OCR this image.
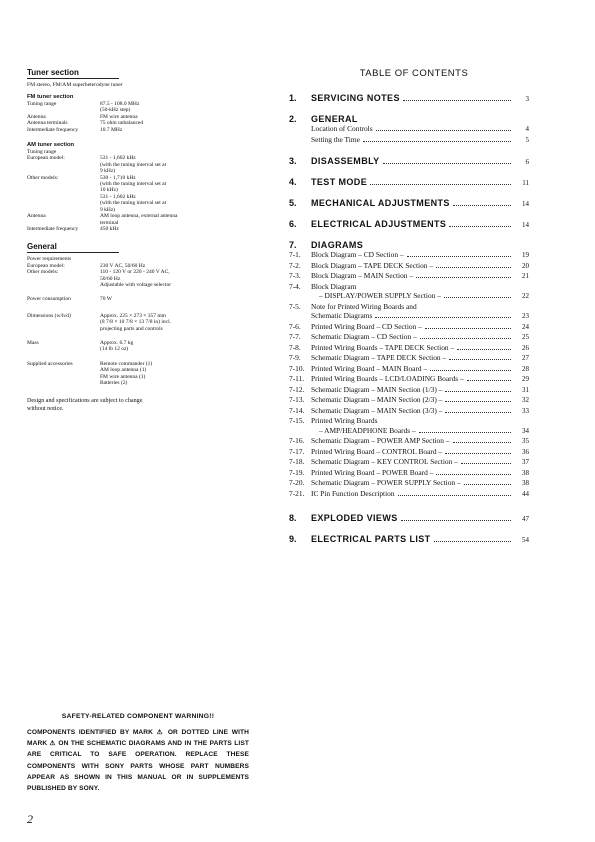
Tuner section
FM stereo, FM/AM superheterodyne tuner
FM tuner section
Tuning range	87.5 - 108.0 MHz
(50-kHz step)
Antenna	FM wire antenna
Antenna terminals	75 ohm unbalanced
Intermediate frequency	10.7 MHz
AM tuner section
Tuning range
European model:	531 - 1,602 kHz
(with the tuning interval set at
9 kHz)
Other models:	530 - 1,710 kHz
(with the tuning interval set at
10 kHz)
531 - 1,602 kHz
(with the tuning interval set at
9 kHz)
Antenna	AM loop antenna, external antenna
terminal
Intermediate frequency	450 kHz
General
Power requirements
European model:	230 V AC, 50/60 Hz
Other models:	110 - 120 V or 220 - 240 V AC,
50/60 Hz
Adjustable with voltage selector
Power consumption	70 W
Dimensions (w/h/d)	Approx. 225 × 273 × 357 mm
(8 7/8 × 10 7/8 × 13 7/8 in) incl.
projecting parts and controls
Mass	Approx. 6.7 kg
(14 lb 12 oz)
Supplied accessories	Remote commander (1)
AM loop antenna (1)
FM wire antenna (1)
Batteries (2)
Design and specifications are subject to change
without notice.
TABLE OF CONTENTS
1.	SERVICING NOTES	3
2.	GENERAL
Location of Controls	4
Setting the Time	5
3.	DISASSEMBLY	6
4.	TEST MODE	11
5.	MECHANICAL ADJUSTMENTS	14
6.	ELECTRICAL ADJUSTMENTS	14
7.	DIAGRAMS
7-1.	Block Diagram – CD Section –	19
7-2.	Block Diagram – TAPE DECK Section –	20
7-3.	Block Diagram – MAIN Section –	21
7-4.	Block Diagram
– DISPLAY/POWER SUPPLY Section –	22
7-5.	Note for Printed Wiring Boards and
Schematic Diagrams	23
7-6.	Printed Wiring Board – CD Section –	24
7-7.	Schematic Diagram – CD Section –	25
7-8.	Printed Wiring Boards – TAPE DECK Section –	26
7-9.	Schematic Diagram – TAPE DECK Section –	27
7-10. Printed Wiring Board – MAIN Board –	28
7-11. Printed Wiring Boards – LCD/LOADING Boards –	29
7-12. Schematic Diagram – MAIN Section (1/3) –	31
7-13. Schematic Diagram – MAIN Section (2/3) –	32
7-14. Schematic Diagram – MAIN Section (3/3) –	33
7-15. Printed Wiring Boards
– AMP/HEADPHONE Boards –	34
7-16. Schematic Diagram – POWER AMP Section –	35
7-17. Printed Wiring Board – CONTROL Board –	36
7-18. Schematic Diagram – KEY CONTROL Section –	37
7-19. Printed Wiring Board – POWER Board –	38
7-20. Schematic Diagram – POWER SUPPLY Section –	38
7-21. IC Pin Function Description	44
8.	EXPLODED VIEWS	47
9.	ELECTRICAL PARTS LIST	54
SAFETY-RELATED COMPONENT WARNING!!
COMPONENTS IDENTIFIED BY MARK ⚠ OR DOTTED LINE WITH MARK ⚠ ON THE SCHEMATIC DIAGRAMS AND IN THE PARTS LIST ARE CRITICAL TO SAFE OPERATION. REPLACE THESE COMPONENTS WITH SONY PARTS WHOSE PART NUMBERS APPEAR AS SHOWN IN THIS MANUAL OR IN SUPPLEMENTS PUBLISHED BY SONY.
2
